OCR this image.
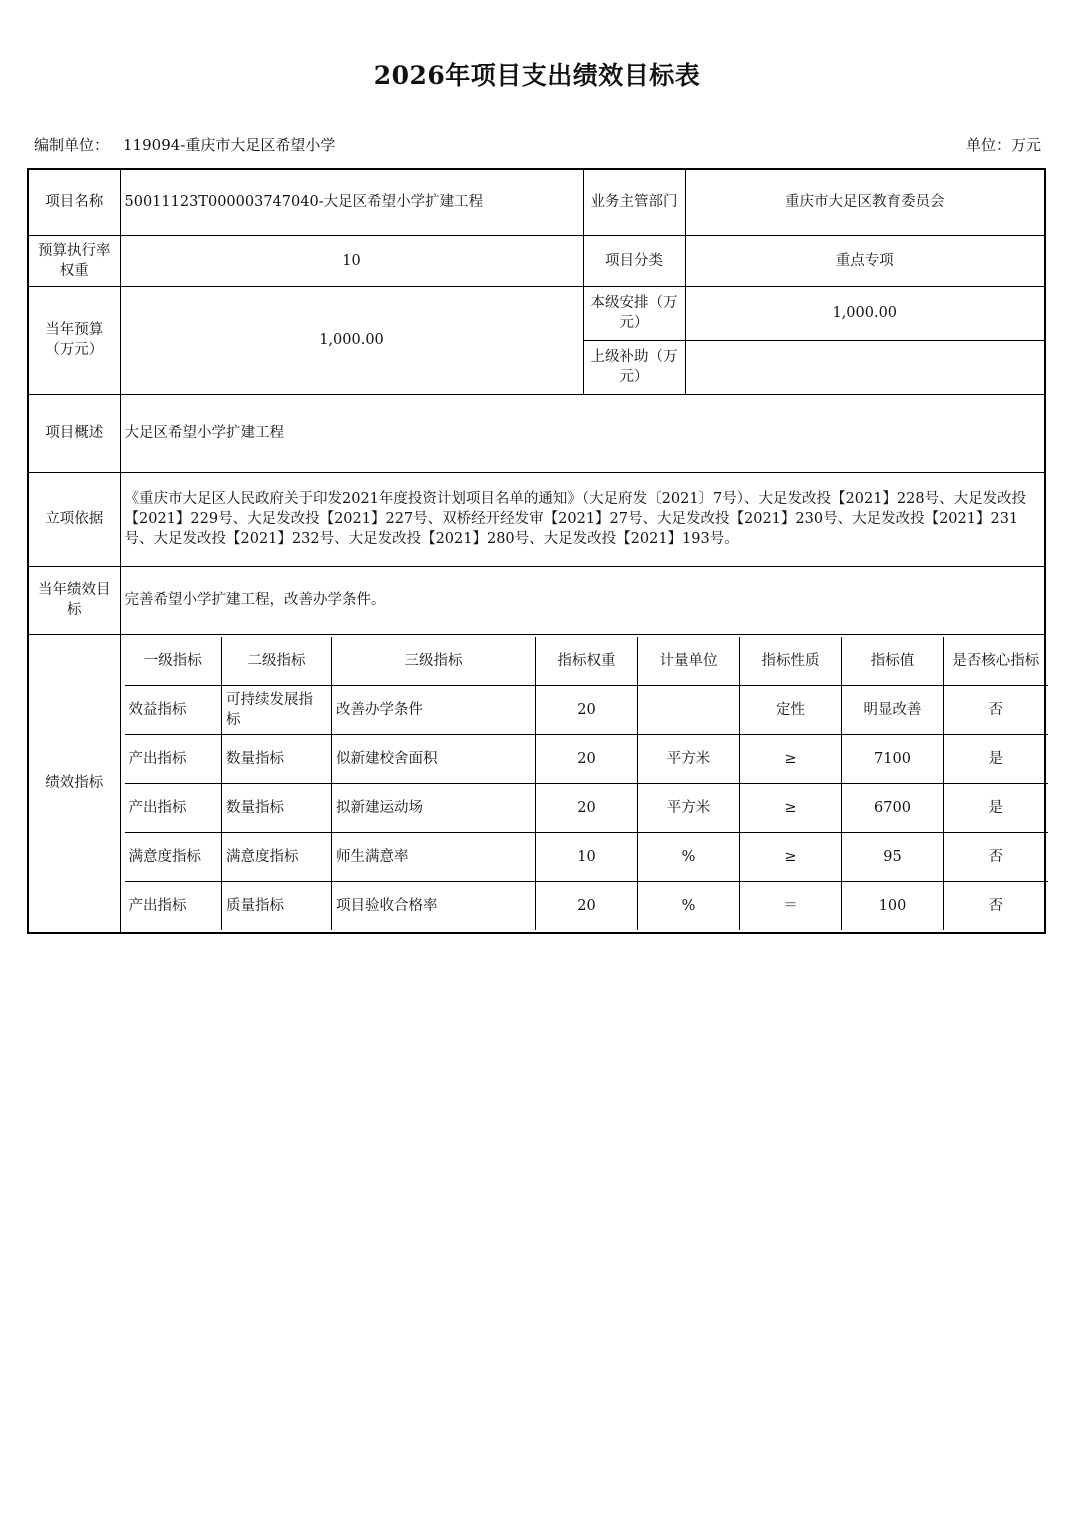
2026年项目支出绩效目标表
编制单位： 119094-重庆市大足区希望小学	单位：万元
项目名称	50011123T000003747040-大足区希望小学扩建工程	业务主管部门	重庆市大足区教育委员会
预算执行率权重	10	项目分类	重点专项
当年预算（万元）	1,000.00	本级安排（万元）	1,000.00
上级补助（万元）	
项目概述	大足区希望小学扩建工程
立项依据	《重庆市大足区人民政府关于印发2021年度投资计划项目名单的通知》（大足府发〔2021〕7号）、大足发改投【2021】228号、大足发改投【2021】229号、大足发改投【2021】227号、双桥经开经发审【2021】27号、大足发改投【2021】230号、大足发改投【2021】231号、大足发改投【2021】232号、大足发改投【2021】280号、大足发改投【2021】193号。
当年绩效目标	完善希望小学扩建工程，改善办学条件。
绩效指标	
一级指标	二级指标	三级指标	指标权重	计量单位	指标性质	指标值	是否核心指标
效益指标	可持续发展指标	改善办学条件	20		定性	明显改善	否
产出指标	数量指标	似新建校舍面积	20	平方米	≥	7100	是
产出指标	数量指标	拟新建运动场	20	平方米	≥	6700	是
满意度指标	满意度指标	师生满意率	10	%	≥	95	否
产出指标	质量指标	项目验收合格率	20	%	＝	100	否
